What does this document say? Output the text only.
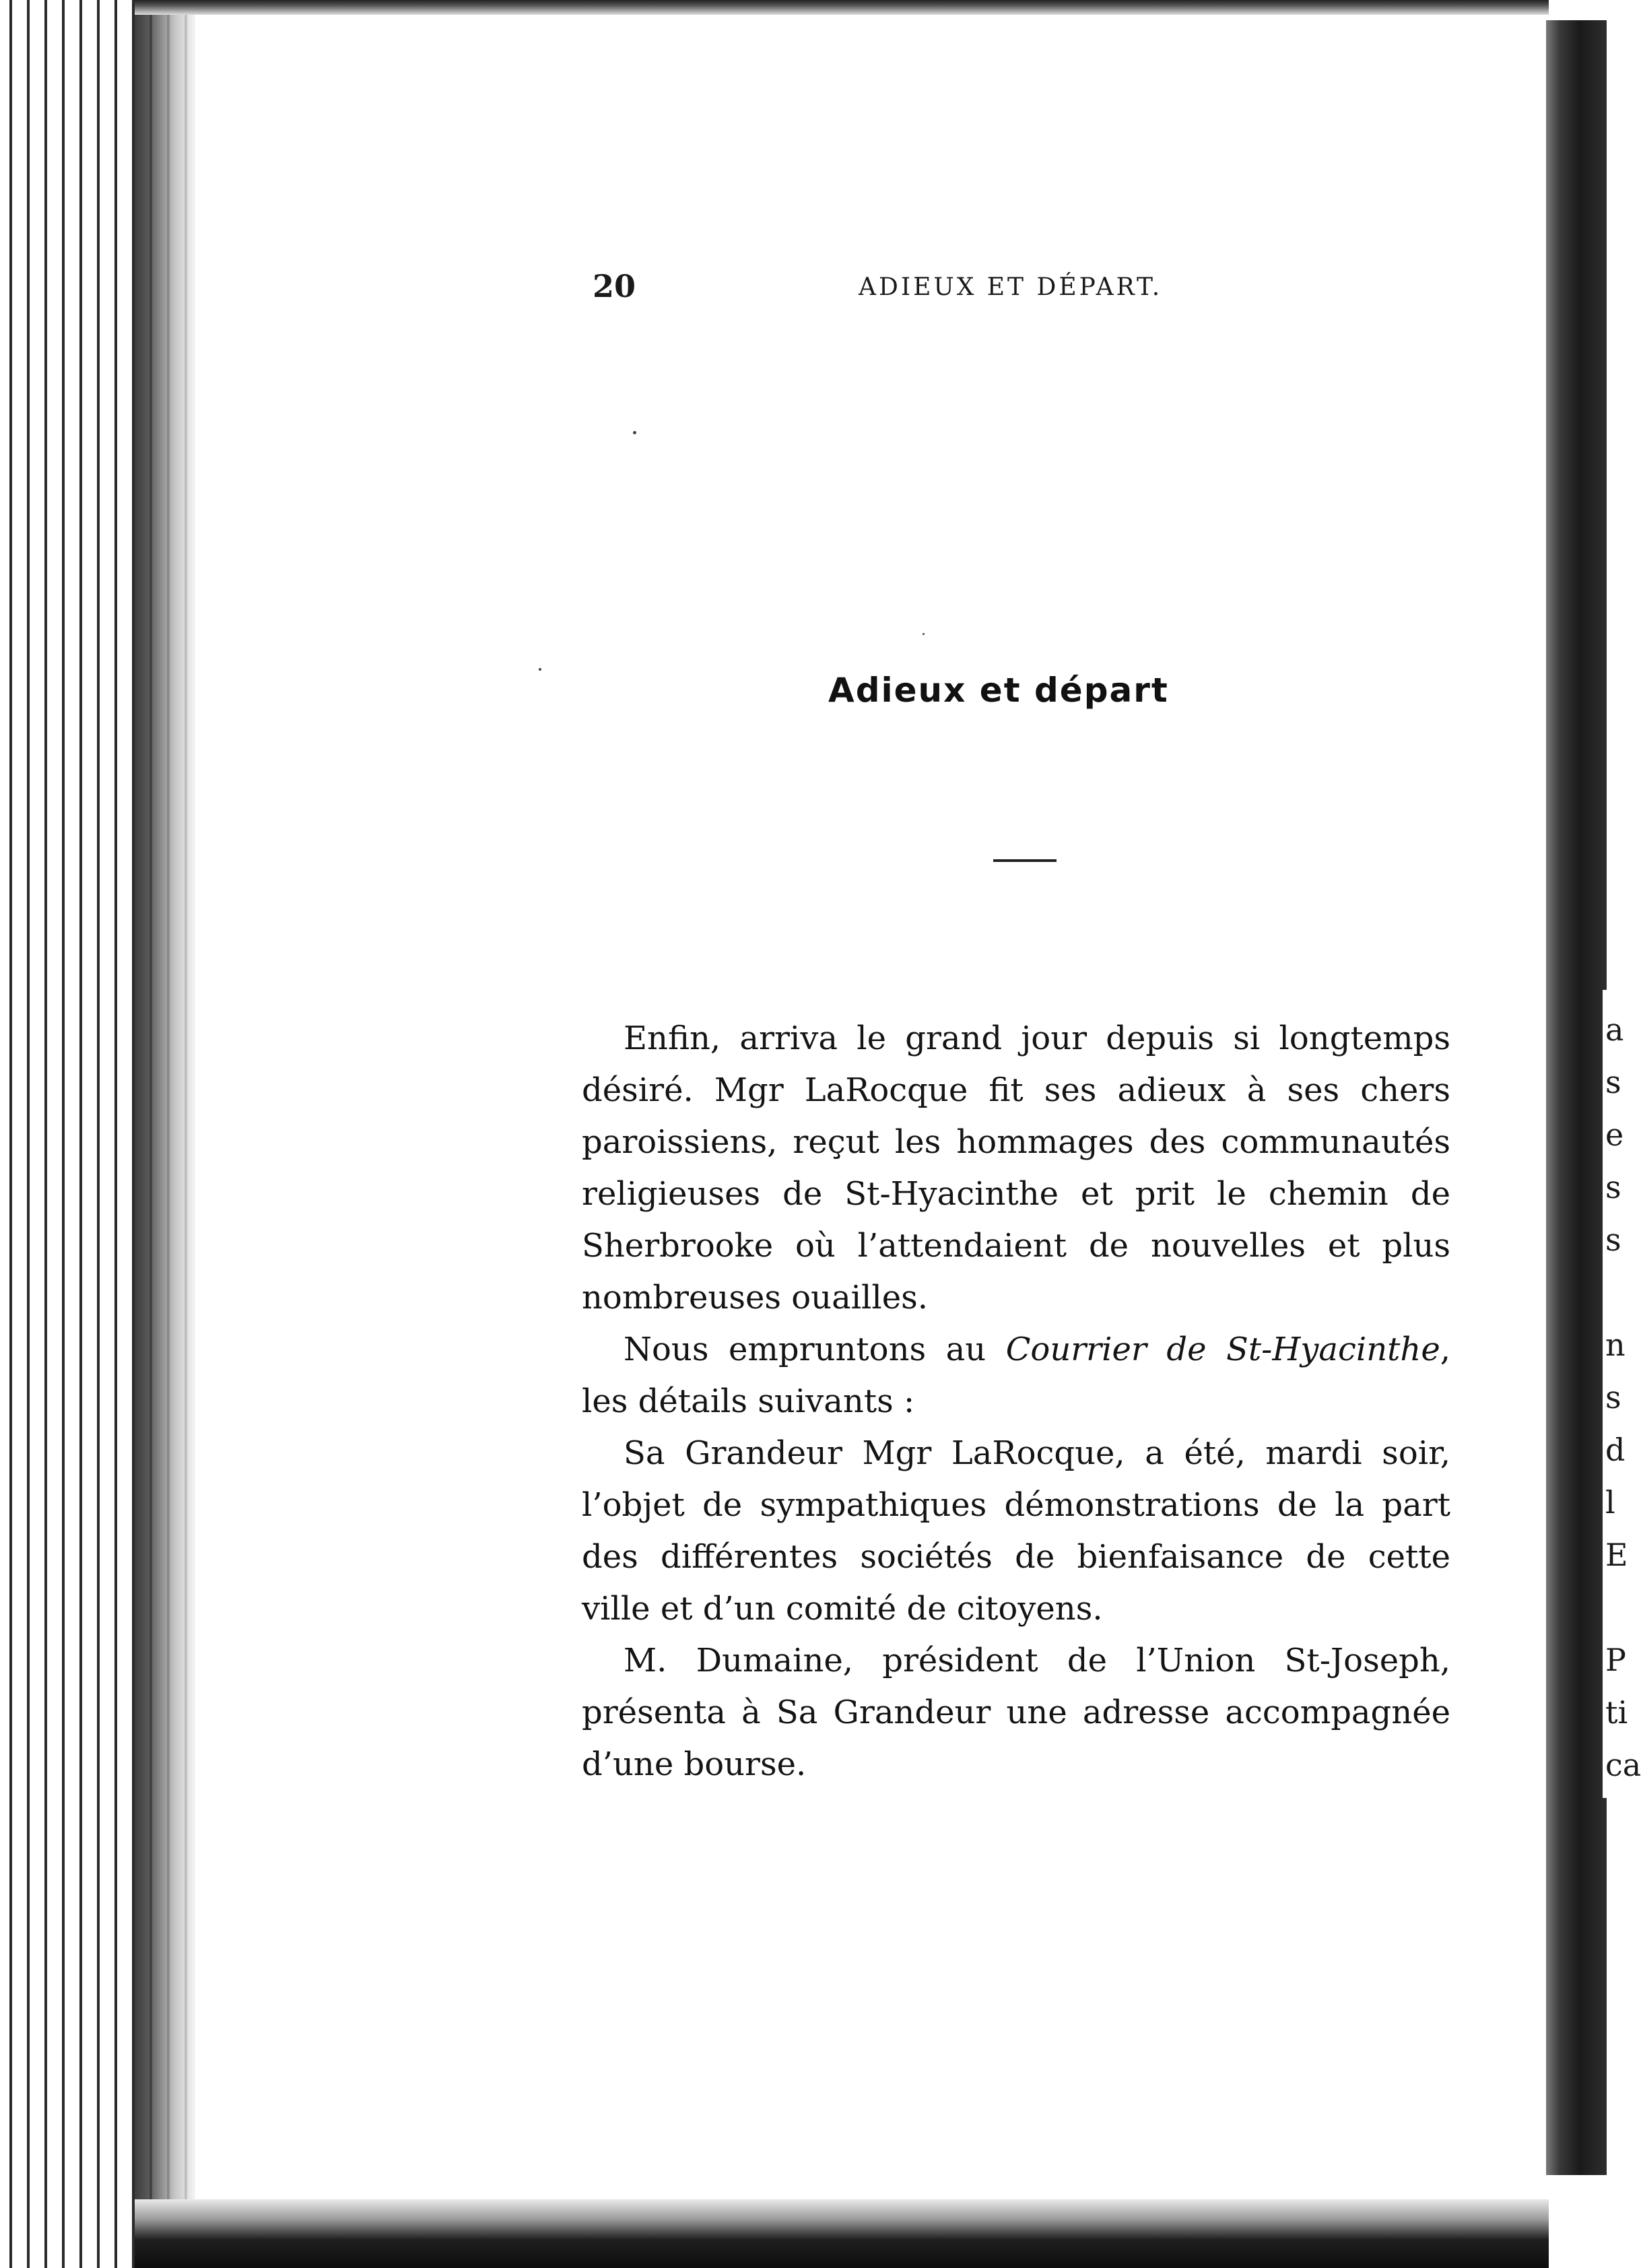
a
s
e
s
s

n
s
d
l
E

P
ti
ca
20	ADIEUX ET DÉPART.
Adieux et départ

Enfin, arriva le grand jour depuis si longtemps désiré. Mgr LaRocque fit ses adieux à ses chers paroissiens, reçut les hommages des communautés religieuses de St-Hyacinthe et prit le chemin de Sherbrooke où l’attendaient de nouvelles et plus nombreuses ouailles.

Nous empruntons au Courrier de St-Hyacinthe, les détails suivants :

Sa Grandeur Mgr LaRocque, a été, mardi soir, l’objet de sympathiques démonstrations de la part des différentes sociétés de bienfaisance de cette ville et d’un comité de citoyens.

M. Dumaine, président de l’Union St-Joseph, présenta à Sa Grandeur une adresse accompagnée d’une bourse.
